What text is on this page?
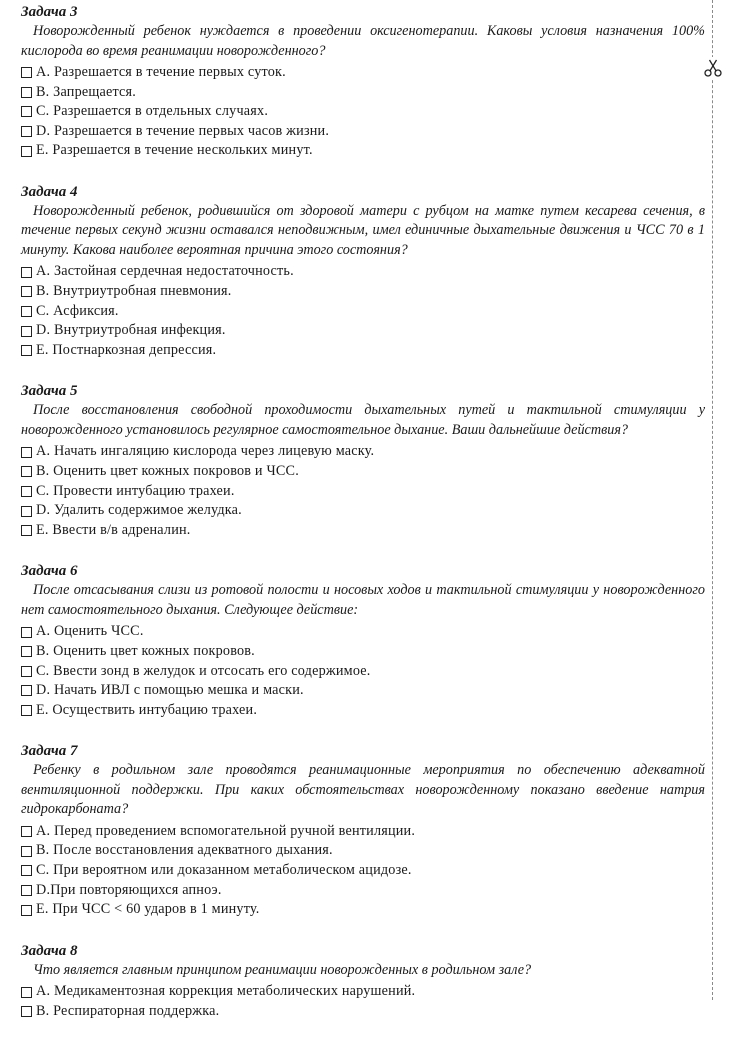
Задача 3
Новорожденный ребенок нуждается в проведении оксигенотерапии. Каковы условия назначения 100% кислорода во время реанимации новорожденного?
А. Разрешается в течение первых суток.
В. Запрещается.
С. Разрешается в отдельных случаях.
D. Разрешается в течение первых часов жизни.
Е. Разрешается в течение нескольких минут.
Задача 4
Новорожденный ребенок, родившийся от здоровой матери с рубцом на матке путем кесарева сечения, в течение первых секунд жизни оставался неподвижным, имел единичные дыхательные движения и ЧСС 70 в 1 минуту. Какова наиболее вероятная причина этого состояния?
А. Застойная сердечная недостаточность.
В. Внутриутробная пневмония.
С. Асфиксия.
D. Внутриутробная инфекция.
Е. Постнаркозная депрессия.
Задача 5
После восстановления свободной проходимости дыхательных путей и тактильной стимуляции у новорожденного установилось регулярное самостоятельное дыхание. Ваши дальнейшие действия?
А. Начать ингаляцию кислорода через лицевую маску.
В. Оценить цвет кожных покровов и ЧСС.
С. Провести интубацию трахеи.
D. Удалить содержимое желудка.
Е. Ввести в/в адреналин.
Задача 6
После отсасывания слизи из ротовой полости и носовых ходов и тактильной стимуляции у новорожденного нет самостоятельного дыхания. Следующее действие:
А. Оценить ЧСС.
В. Оценить цвет кожных покровов.
С. Ввести зонд в желудок и отсосать его содержимое.
D. Начать ИВЛ с помощью мешка и маски.
Е. Осуществить интубацию трахеи.
Задача 7
Ребенку в родильном зале проводятся реанимационные мероприятия по обеспечению адекватной вентиляционной поддержки. При каких обстоятельствах новорожденному показано введение натрия гидрокарбоната?
А. Перед проведением вспомогательной ручной вентиляции.
В. После восстановления адекватного дыхания.
С. При вероятном или доказанном метаболическом ацидозе.
D.При повторяющихся апноэ.
Е. При ЧСС < 60 ударов в 1 минуту.
Задача 8
Что является главным принципом реанимации новорожденных в родильном зале?
А. Медикаментозная коррекция метаболических нарушений.
В. Респираторная поддержка.
